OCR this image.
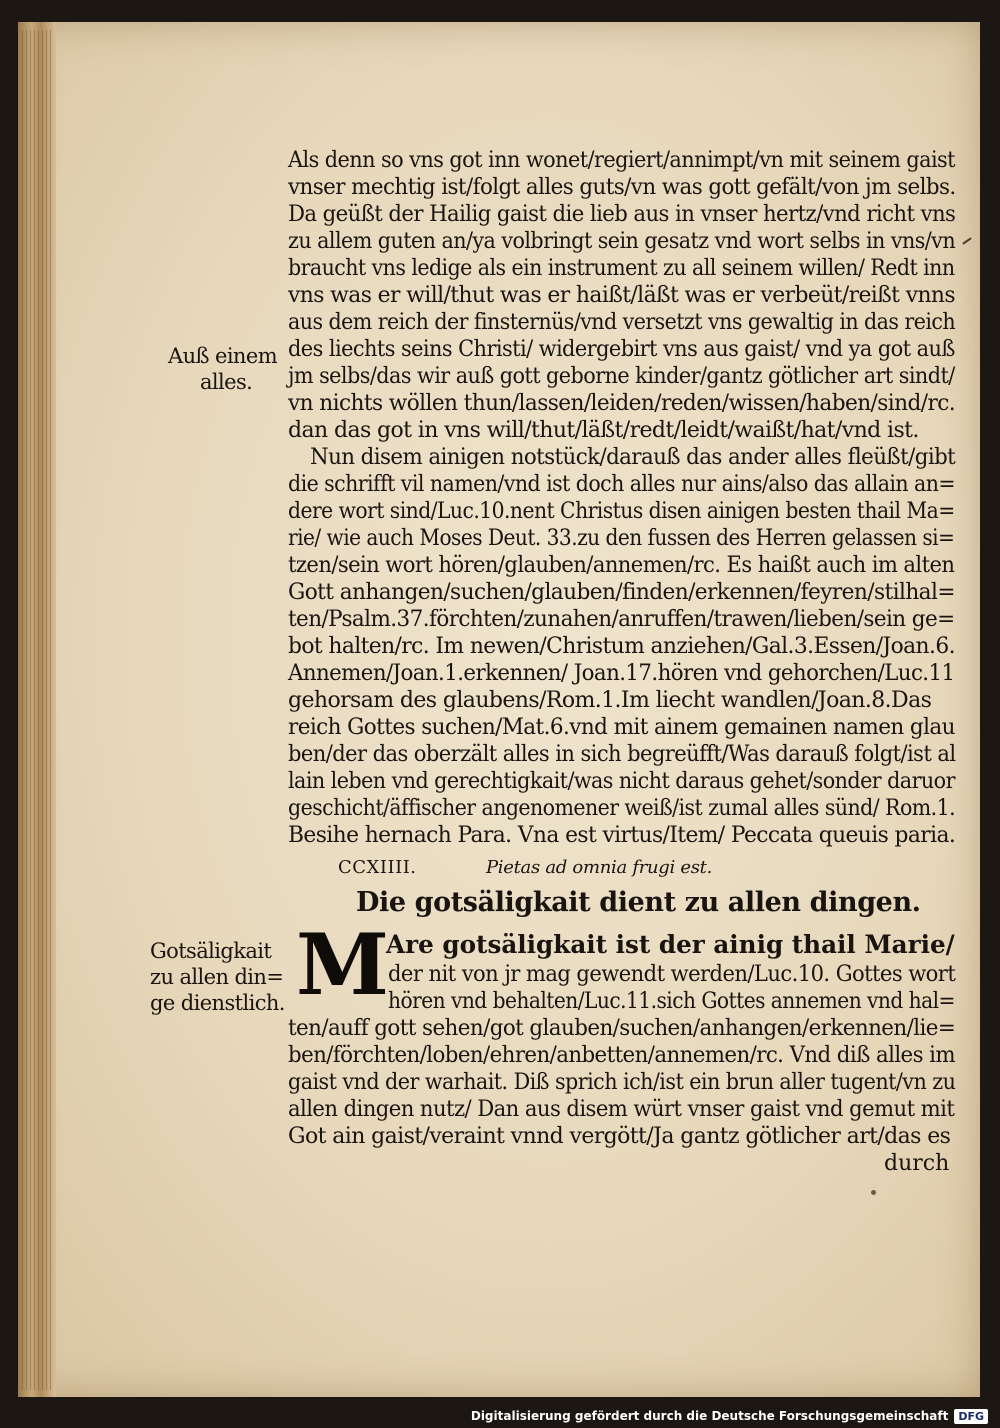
Als denn so vns got inn wonet/regiert/annimpt/vn mit seinem gaist

vnser mechtig ist/folgt alles guts/vn was gott gefält/von jm selbs.

Da geüßt der Hailig gaist die lieb aus in vnser hertz/vnd richt vns

zu allem guten an/ya volbringt sein gesatz vnd wort selbs in vns/vn

braucht vns ledige als ein instrument zu all seinem willen/ Redt inn

vns was er will/thut was er haißt/läßt was er verbeüt/reißt vnns

aus dem reich der finsternüs/vnd versetzt vns gewaltig in das reich

des liechts seins Christi/ widergebirt vns aus gaist/ vnd ya got auß

jm selbs/das wir auß gott geborne kinder/gantz götlicher art sindt/

vn nichts wöllen thun/lassen/leiden/reden/wissen/haben/sind/rc.

dan das got in vns will/thut/läßt/redt/leidt/waißt/hat/vnd ist.

Nun disem ainigen notstück/darauß das ander alles fleüßt/gibt

die schrifft vil namen/vnd ist doch alles nur ains/also das allain an=

dere wort sind/Luc.10.nent Christus disen ainigen besten thail Ma=

rie/ wie auch Moses Deut. 33.zu den fussen des Herren gelassen si=

tzen/sein wort hören/glauben/annemen/rc. Es haißt auch im alten

Gott anhangen/suchen/glauben/finden/erkennen/feyren/stilhal=

ten/Psalm.37.förchten/zunahen/anruffen/trawen/lieben/sein ge=

bot halten/rc. Im newen/Christum anziehen/Gal.3.Essen/Joan.6.

Annemen/Joan.1.erkennen/ Joan.17.hören vnd gehorchen/Luc.11

gehorsam des glaubens/Rom.1.Im liecht wandlen/Joan.8.Das

reich Gottes suchen/Mat.6.vnd mit ainem gemainen namen glau

ben/der das oberzält alles in sich begreüfft/Was darauß folgt/ist al

lain leben vnd gerechtigkait/was nicht daraus gehet/sonder daruor

geschicht/äffischer angenomener weiß/ist zumal alles sünd/ Rom.1.

Besihe hernach Para. Vna est virtus/Item/ Peccata queuis paria.

Auß einem

alles.

CCXIIII.	Pietas ad omnia frugi est.

Die gotsäligkait dient zu allen dingen.

Gotsäligkait

zu allen din=

ge dienstlich. M

Are gotsäligkait ist der ainig thail Marie/

der nit von jr mag gewendt werden/Luc.10. Gottes wort

hören vnd behalten/Luc.11.sich Gottes annemen vnd hal=

ten/auff gott sehen/got glauben/suchen/anhangen/erkennen/lie=

ben/förchten/loben/ehren/anbetten/annemen/rc. Vnd diß alles im

gaist vnd der warhait. Diß sprich ich/ist ein brun aller tugent/vn zu

allen dingen nutz/ Dan aus disem würt vnser gaist vnd gemut mit

Got ain gaist/veraint vnnd vergött/Ja gantz götlicher art/das es

durch

Digitalisierung gefördert durch die Deutsche Forschungsgemeinschaft DFG
